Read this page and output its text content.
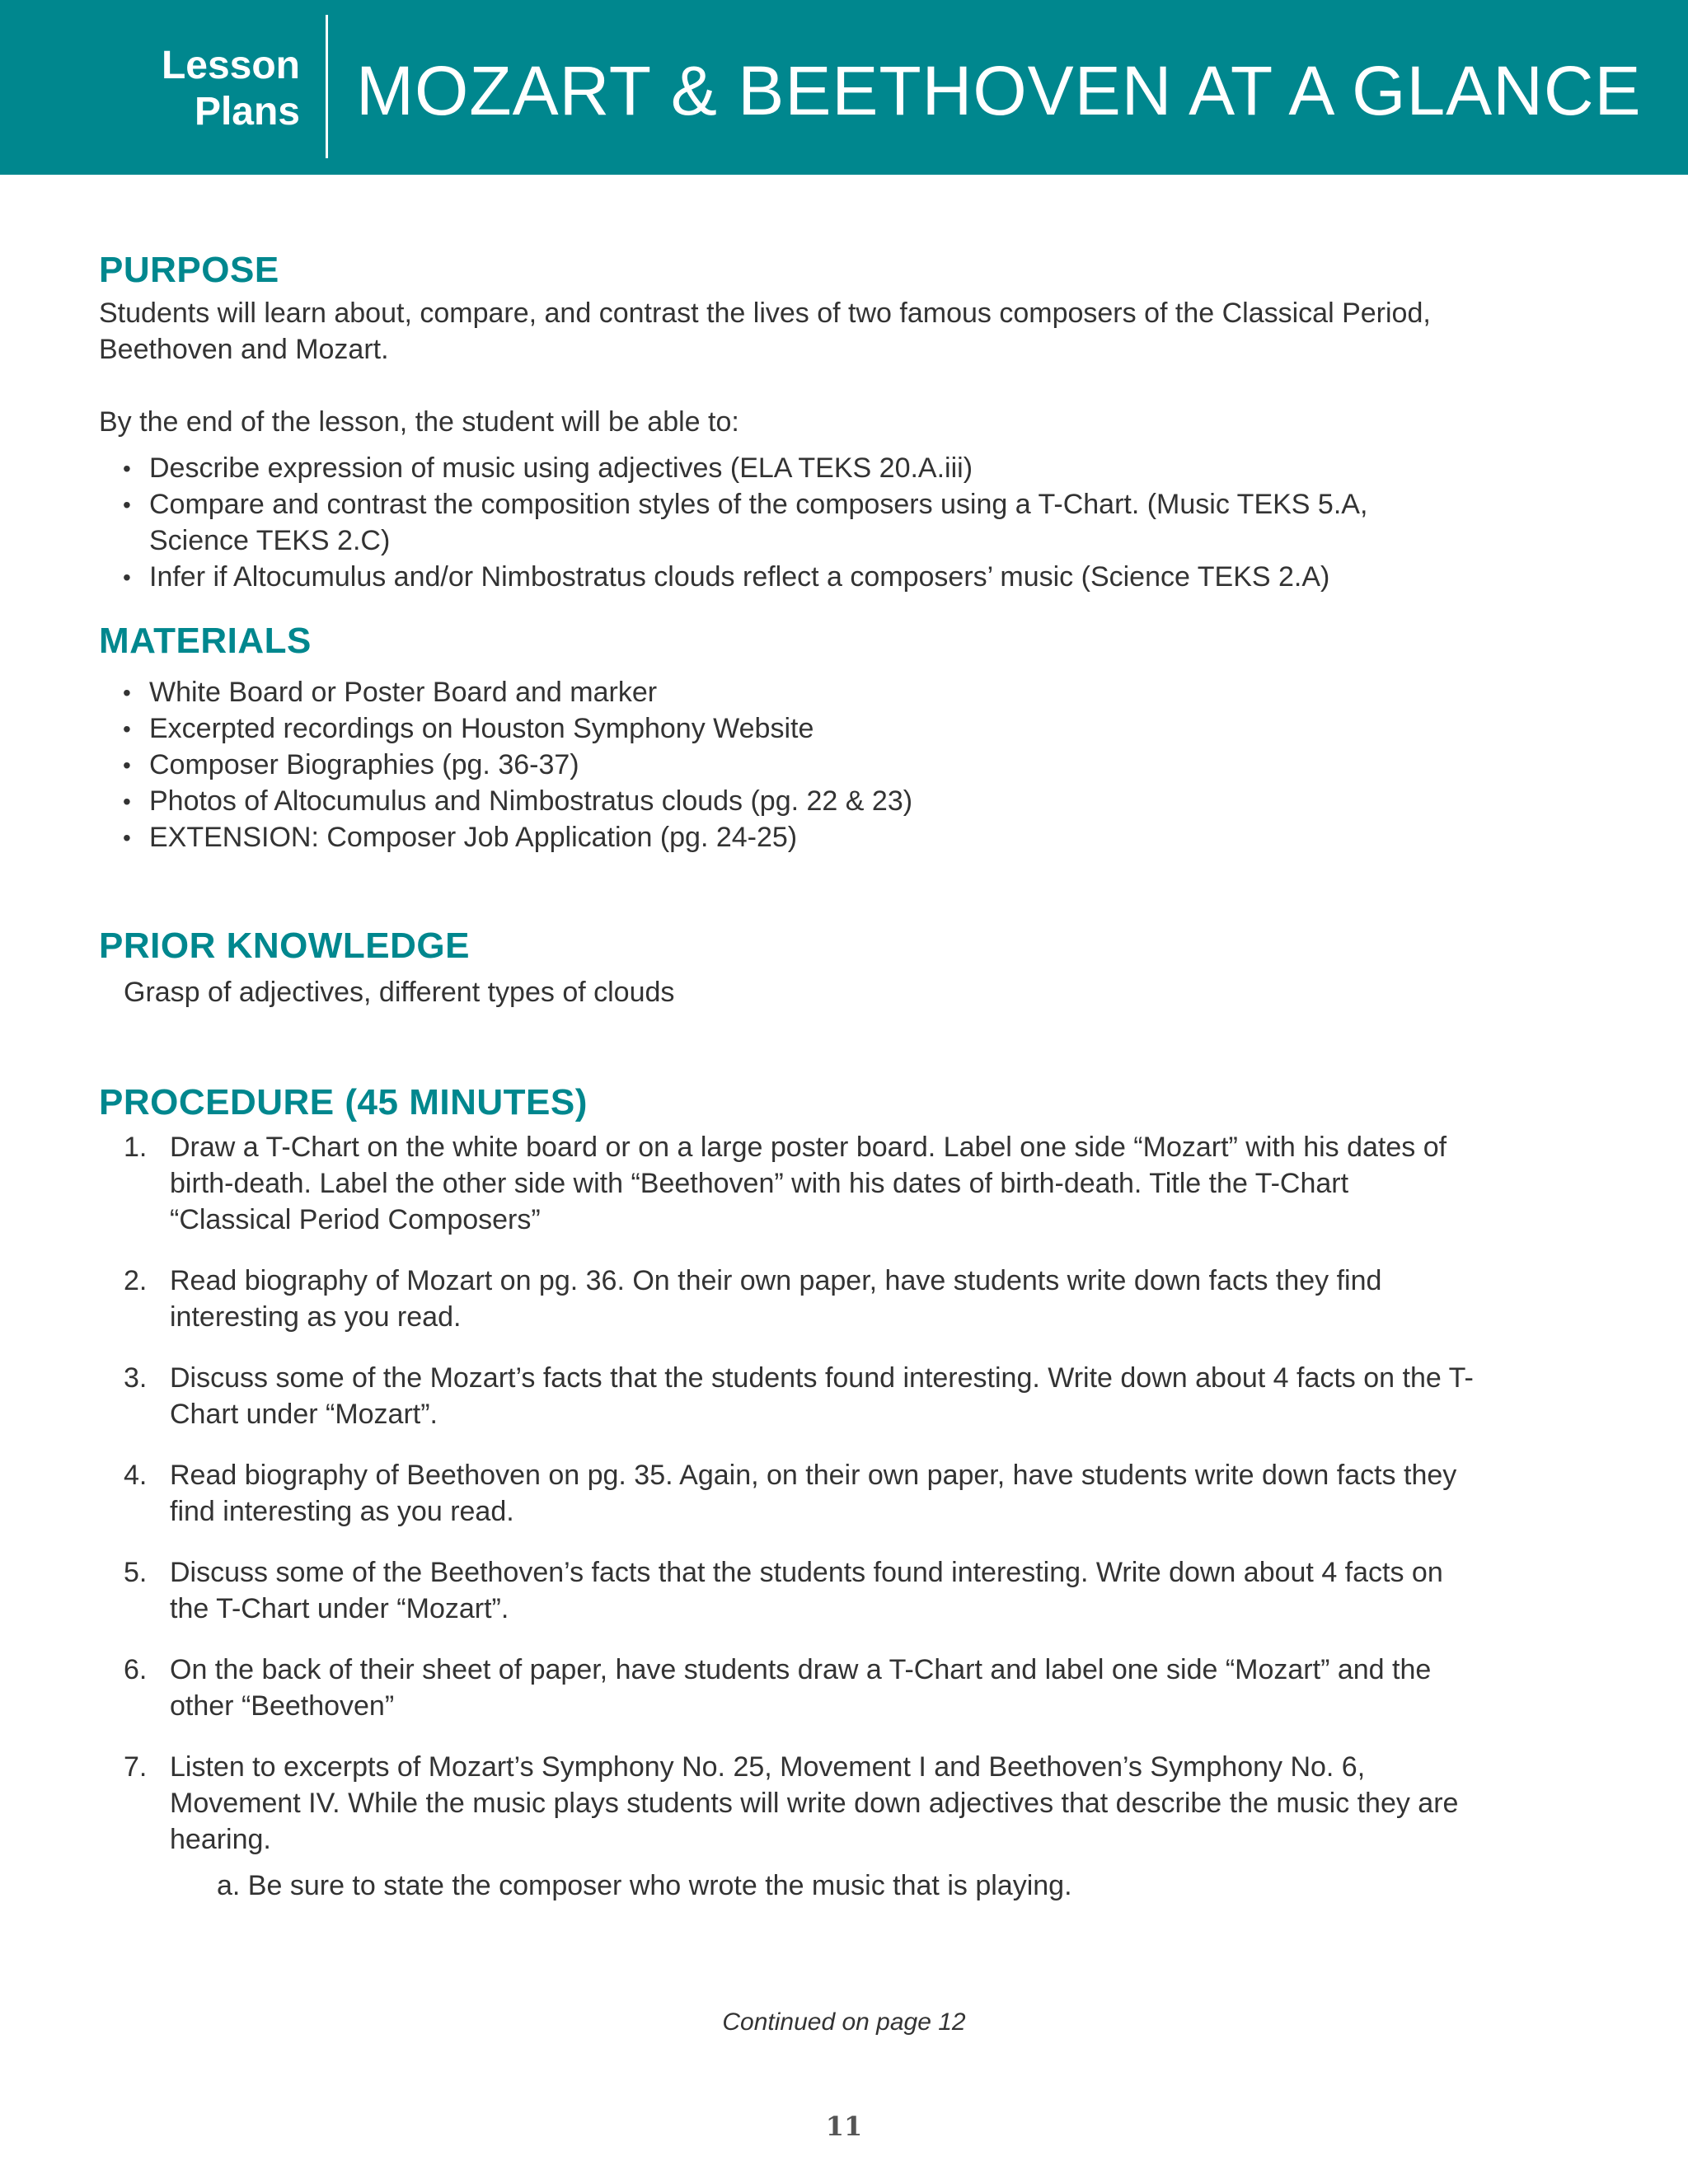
Lesson
Plans MOZART & BEETHOVEN AT A GLANCE
PURPOSE

Students will learn about, compare, and contrast the lives of two famous composers of the Classical Period, Beethoven and Mozart.

By the end of the lesson, the student will be able to:

• Describe expression of music using adjectives (ELA TEKS 20.A.iii)
• Compare and contrast the composition styles of the composers using a T-Chart. (Music TEKS 5.A, Science TEKS 2.C)
• Infer if Altocumulus and/or Nimbostratus clouds reflect a composers’ music (Science TEKS 2.A)
MATERIALS
• White Board or Poster Board and marker
• Excerpted recordings on Houston Symphony Website
• Composer Biographies (pg. 36-37)
• Photos of Altocumulus and Nimbostratus clouds (pg. 22 & 23)
• EXTENSION: Composer Job Application (pg. 24-25)
PRIOR KNOWLEDGE

Grasp of adjectives, different types of clouds

PROCEDURE (45 MINUTES)
1. Draw a T-Chart on the white board or on a large poster board. Label one side “Mozart” with his dates of birth-death. Label the other side with “Beethoven” with his dates of birth-death. Title the T-Chart “Classical Period Composers”
2. Read biography of Mozart on pg. 36. On their own paper, have students write down facts they find interesting as you read.
3. Discuss some of the Mozart’s facts that the students found interesting. Write down about 4 facts on the T-Chart under “Mozart”.
4. Read biography of Beethoven on pg. 35. Again, on their own paper, have students write down facts they find interesting as you read.
5. Discuss some of the Beethoven’s facts that the students found interesting. Write down about 4 facts on the T-Chart under “Mozart”.
6. On the back of their sheet of paper, have students draw a T-Chart and label one side “Mozart” and the other “Beethoven”
7. Listen to excerpts of Mozart’s Symphony No. 25, Movement I and Beethoven’s Symphony No. 6, Movement IV. While the music plays students will write down adjectives that describe the music they are hearing.
a. Be sure to state the composer who wrote the music that is playing.
Continued on page 12
11
